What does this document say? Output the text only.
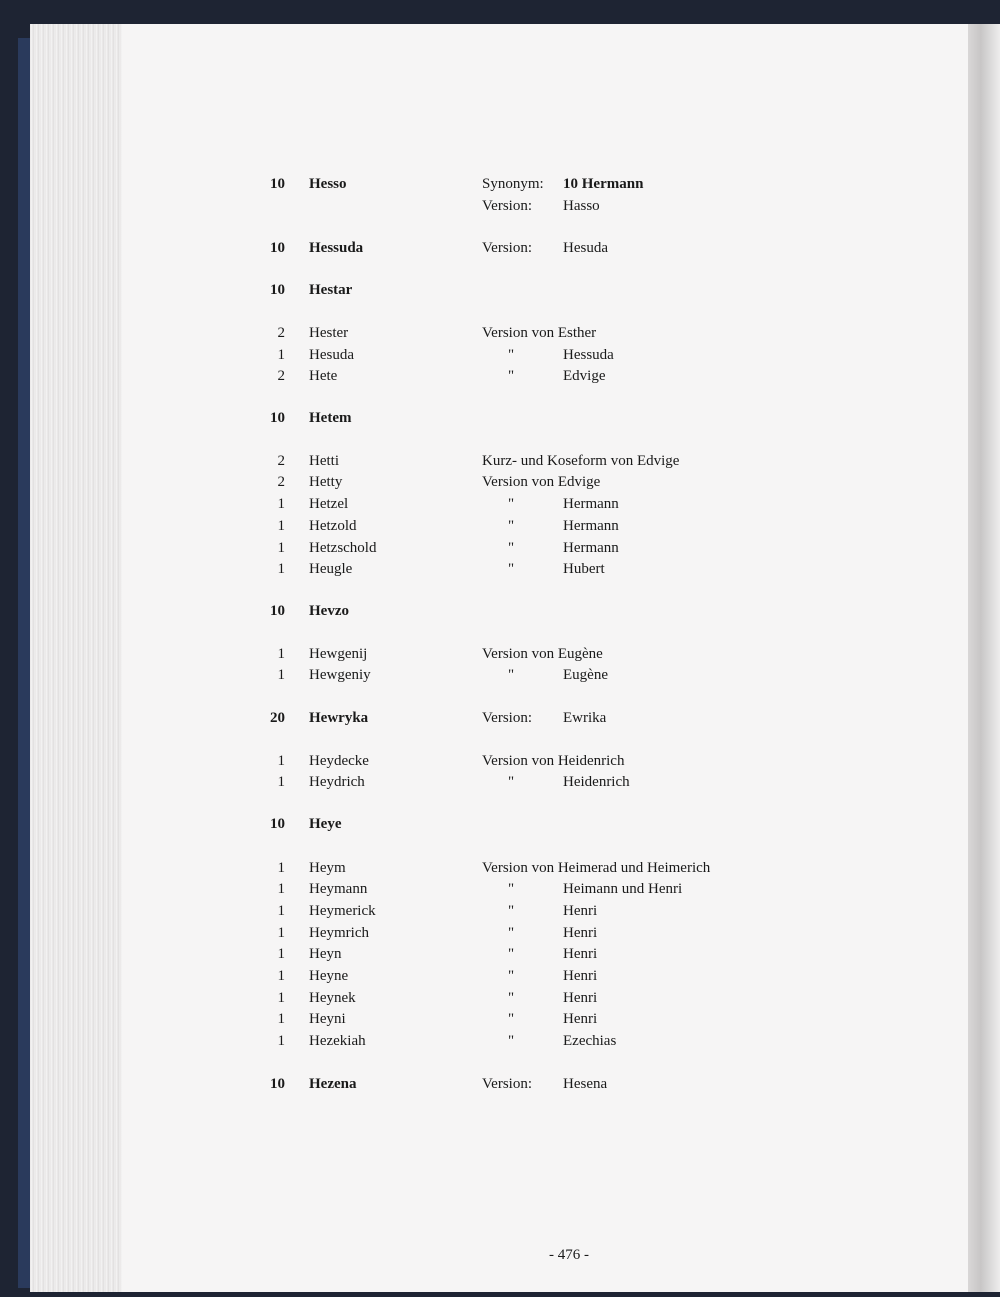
10 Hesso	Synonym: 10 Hermann
Version: Hasso
10 Hessuda	Version: Hesuda
10 Hestar
2 Hester	Version von Esther
1 Hesuda	"	Hessuda
2 Hete	"	Edvige
10 Hetem
2 Hetti	Kurz- und Koseform von Edvige
2 Hetty	Version von Edvige
1 Hetzel	"	Hermann
1 Hetzold	"	Hermann
1 Hetzschold	"	Hermann
1 Heugle	"	Hubert
10 Hevzo
1 Hewgenij	Version von Eugène
1 Hewgeniy	"	Eugène
20 Hewryka	Version: Ewrika
1 Heydecke	Version von Heidenrich
1 Heydrich	"	Heidenrich
10 Heye
1 Heym	Version von Heimerad und Heimerich
1 Heymann	"	Heimann und Henri
1 Heymerick	"	Henri
1 Heymrich	"	Henri
1 Heyn	"	Henri
1 Heyne	"	Henri
1 Heynek	"	Henri
1 Heyni	"	Henri
1 Hezekiah	"	Ezechias
10 Hezena	Version: Hesena
- 476 -
